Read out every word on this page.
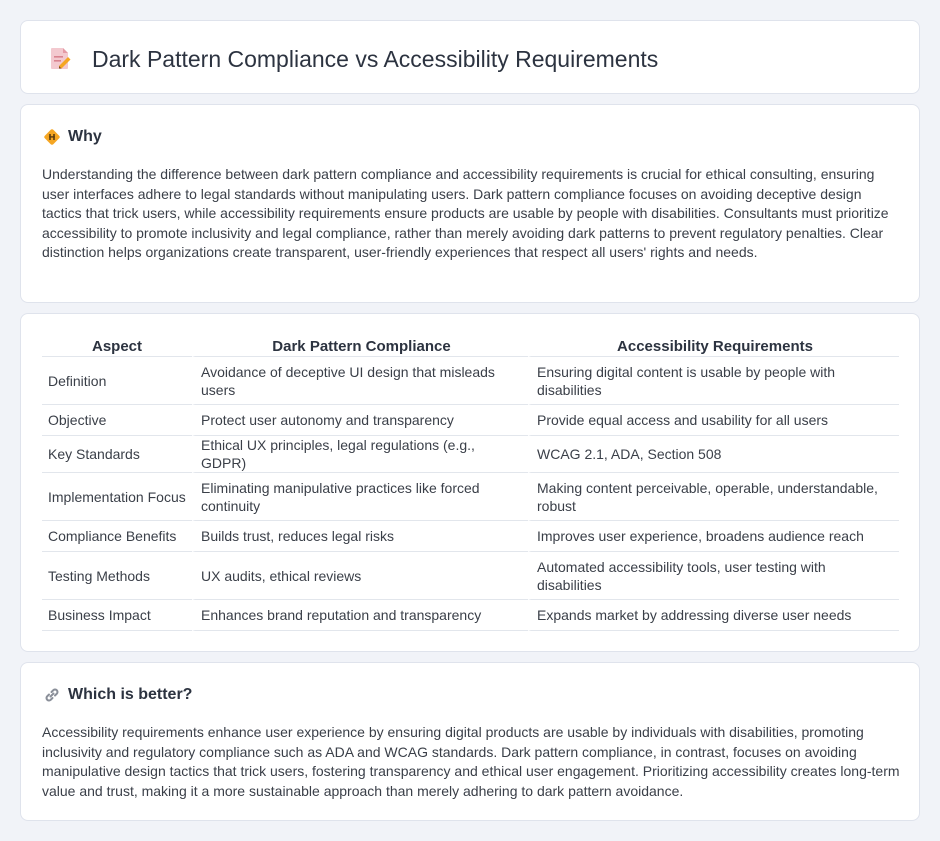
Dark Pattern Compliance vs Accessibility Requirements
Why

Understanding the difference between dark pattern compliance and accessibility requirements is crucial for ethical consulting, ensuring user interfaces adhere to legal standards without manipulating users. Dark pattern compliance focuses on avoiding deceptive design tactics that trick users, while accessibility requirements ensure products are usable by people with disabilities. Consultants must prioritize accessibility to promote inclusivity and legal compliance, rather than merely avoiding dark patterns to prevent regulatory penalties. Clear distinction helps organizations create transparent, user-friendly experiences that respect all users' rights and needs.

Aspect	Dark Pattern Compliance	Accessibility Requirements
Definition	Avoidance of deceptive UI design that misleads users	Ensuring digital content is usable by people with disabilities
Objective	Protect user autonomy and transparency	Provide equal access and usability for all users
Key Standards	Ethical UX principles, legal regulations (e.g., GDPR)	WCAG 2.1, ADA, Section 508
Implementation Focus	Eliminating manipulative practices like forced continuity	Making content perceivable, operable, understandable, robust
Compliance Benefits	Builds trust, reduces legal risks	Improves user experience, broadens audience reach
Testing Methods	UX audits, ethical reviews	Automated accessibility tools, user testing with disabilities
Business Impact	Enhances brand reputation and transparency	Expands market by addressing diverse user needs
Which is better?

Accessibility requirements enhance user experience by ensuring digital products are usable by individuals with disabilities, promoting inclusivity and regulatory compliance such as ADA and WCAG standards. Dark pattern compliance, in contrast, focuses on avoiding manipulative design tactics that trick users, fostering transparency and ethical user engagement. Prioritizing accessibility creates long-term value and trust, making it a more sustainable approach than merely adhering to dark pattern avoidance.
